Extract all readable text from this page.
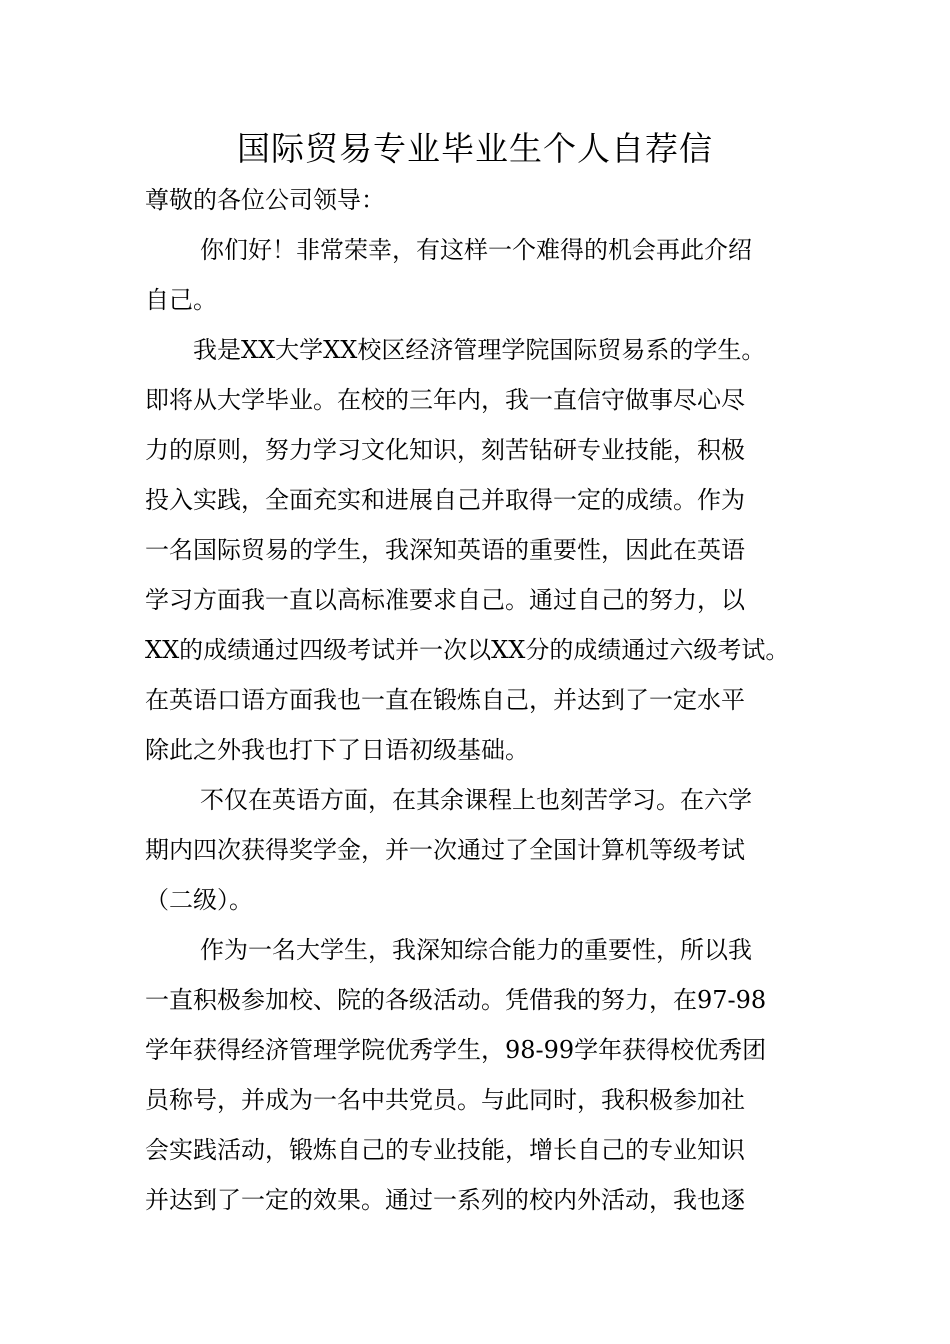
国际贸易专业毕业生个人自荐信

尊敬的各位公司领导：

你们好！非常荣幸，有这样一个难得的机会再此介绍

自己。

我是XX大学XX校区经济管理学院国际贸易系的学生。

即将从大学毕业。在校的三年内，我一直信守做事尽心尽

力的原则，努力学习文化知识，刻苦钻研专业技能，积极

投入实践，全面充实和进展自己并取得一定的成绩。作为

一名国际贸易的学生，我深知英语的重要性，因此在英语

学习方面我一直以高标准要求自己。通过自己的努力，以

XX的成绩通过四级考试并一次以XX分的成绩通过六级考试。

在英语口语方面我也一直在锻炼自己，并达到了一定水平

除此之外我也打下了日语初级基础。

不仅在英语方面，在其余课程上也刻苦学习。在六学

期内四次获得奖学金，并一次通过了全国计算机等级考试

（二级）。

作为一名大学生，我深知综合能力的重要性，所以我

一直积极参加校、院的各级活动。凭借我的努力，在97-98

学年获得经济管理学院优秀学生，98-99学年获得校优秀团

员称号，并成为一名中共党员。与此同时，我积极参加社

会实践活动，锻炼自己的专业技能，增长自己的专业知识

并达到了一定的效果。通过一系列的校内外活动，我也逐
